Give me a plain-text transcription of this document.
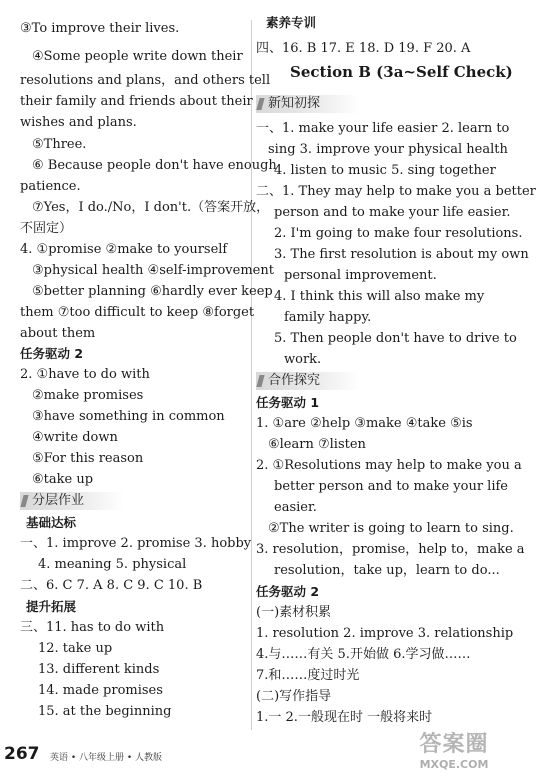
③To improve their lives.
④Some people write down their
resolutions and plans，and others tell
their family and friends about their
wishes and plans.
⑤Three.
⑥ Because people don't have enough
patience.
⑦Yes，I do./No，I don't.（答案开放，
不固定）
4. ①promise ②make to yourself
③physical health ④self-improvement
⑤better planning ⑥hardly ever keep
them ⑦too difficult to keep ⑧forget
about them
任务驱动 2
2. ①have to do with
②make promises
③have something in common
④write down
⑤For this reason
⑥take up
分层作业
基础达标
一、1. improve 2. promise 3. hobby
4. meaning 5. physical
二、6. C 7. A 8. C 9. C 10. B
提升拓展
三、11. has to do with
12. take up
13. different kinds
14. made promises
15. at the beginning
素养专训
四、16. B 17. E 18. D 19. F 20. A
Section B (3a~Self Check)
新知初探
一、1. make your life easier 2. learn to
sing 3. improve your physical health
4. listen to music 5. sing together
二、1. They may help to make you a better
person and to make your life easier.
2. I'm going to make four resolutions.
3. The first resolution is about my own
personal improvement.
4. I think this will also make my
family happy.
5. Then people don't have to drive to
work.
合作探究
任务驱动 1
1. ①are ②help ③make ④take ⑤is
⑥learn ⑦listen
2. ①Resolutions may help to make you a
better person and to make your life
easier.
②The writer is going to learn to sing.
3. resolution，promise，help to，make a
resolution，take up，learn to do...
任务驱动 2
(一)素材积累
1. resolution 2. improve 3. relationship
4.与……有关 5.开始做 6.学习做……
7.和……度过时光
(二)写作指导
1.一 2.一般现在时 一般将来时
267 英语 • 八年级上册 • 人教版
答案圈
MXQE.COM
